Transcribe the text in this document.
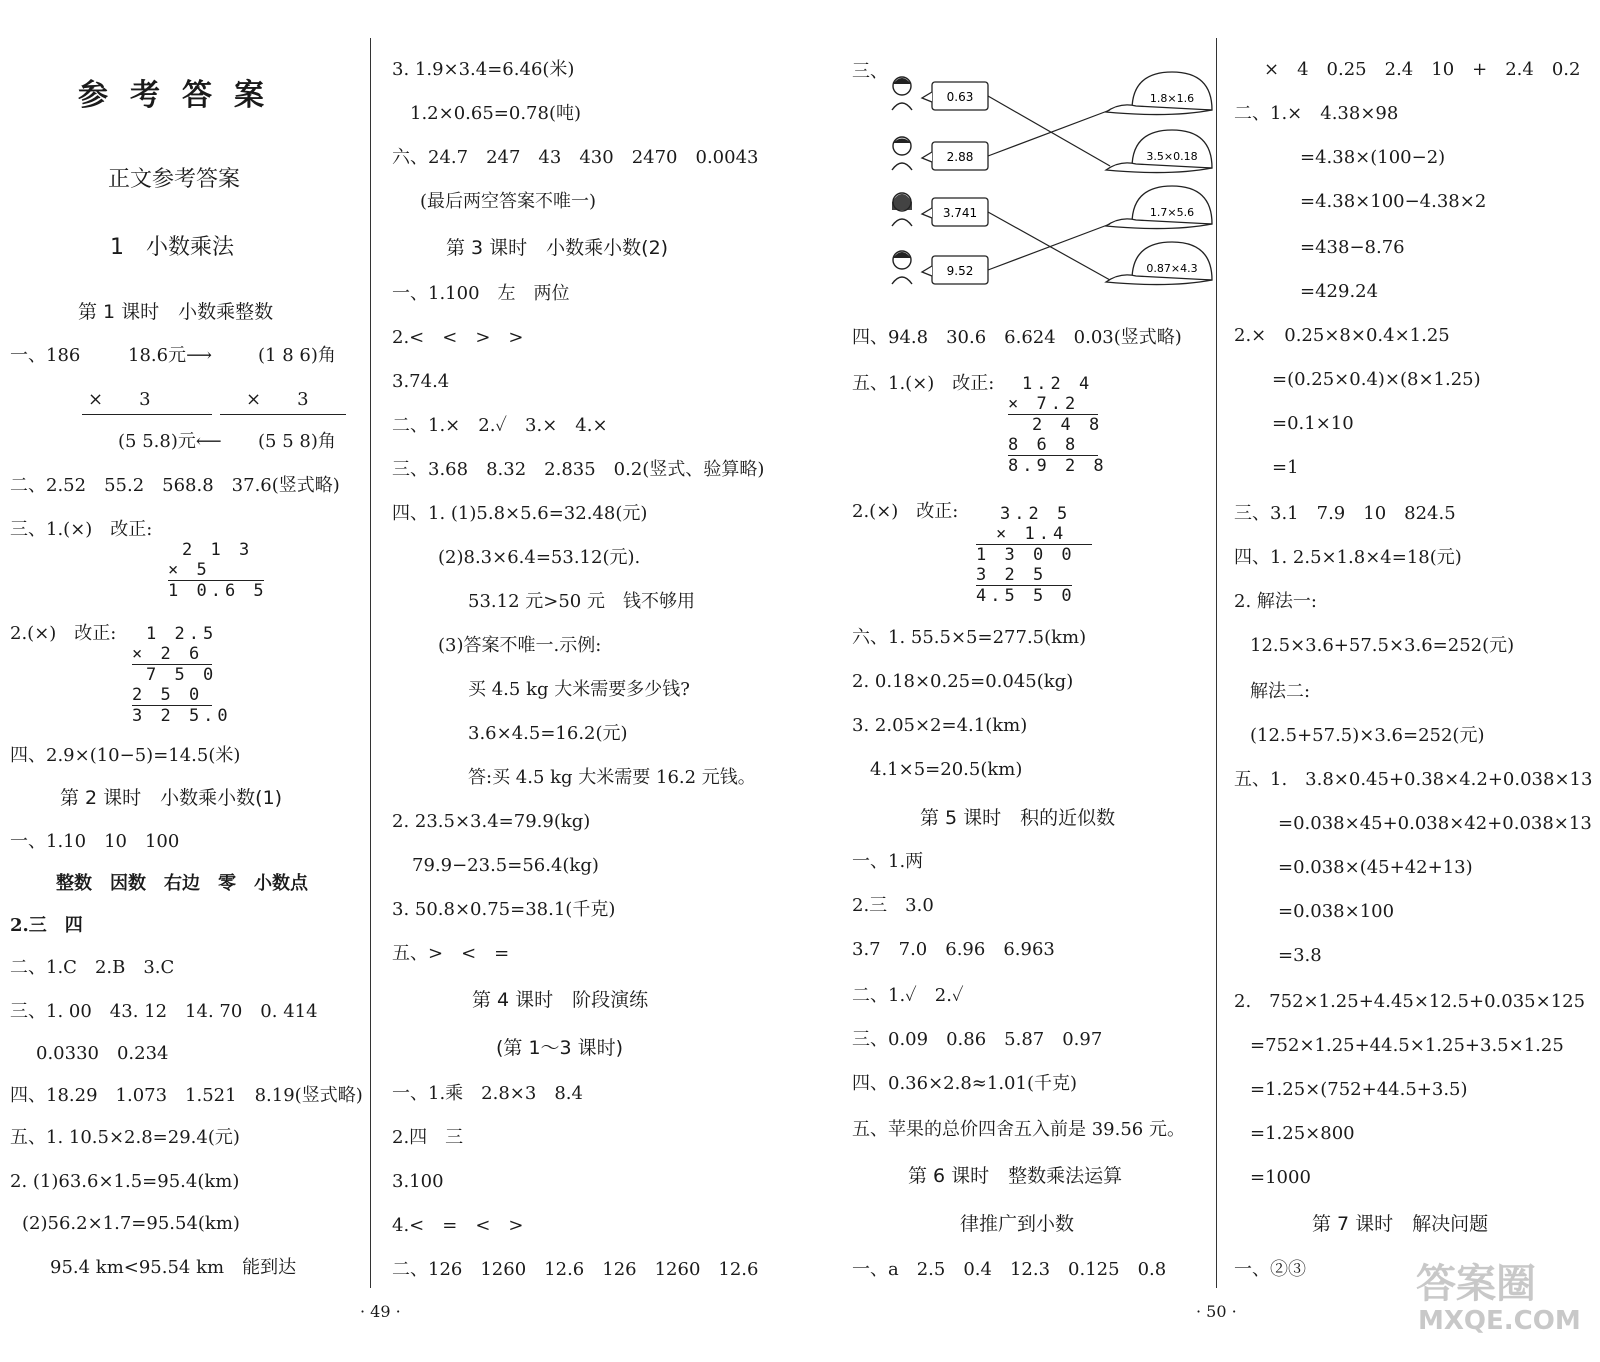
参考答案
正文参考答案
1　小数乘法
第 1 课时　小数乘整数
一、186	18.6元⟶	(1 8 6)角
×　　3	×　　3
(5 5.8)元⟵ (5 5 8)角
二、2.52　55.2　568.8　37.6(竖式略)
三、1.(×)　改正:
2 1 3
× 5
1 0.6 5
2.(×)　改正:	1 2.5
× 2 6
7 5 0
2 5 0
3 2 5.0
四、2.9×(10−5)=14.5(米)
第 2 课时　小数乘小数(1)
一、1.10　10　100
整数　因数　右边　零　小数点
2.三　四
二、1.C　2.B　3.C
三、1. 00　43. 12　14. 70　0. 414
0.0330　0.234
四、18.29　1.073　1.521　8.19(竖式略)
五、1. 10.5×2.8=29.4(元)
2. (1)63.6×1.5=95.4(km)
(2)56.2×1.7=95.54(km)
95.4 km<95.54 km　能到达
3. 1.9×3.4=6.46(米)
1.2×0.65=0.78(吨)
六、24.7　247　43　430　2470　0.0043
(最后两空答案不唯一)
第 3 课时　小数乘小数(2)
一、1.100　左　两位
2.<　<　>　>
3.74.4
二、1.×　2.✓　3.×　4.×
三、3.68　8.32　2.835　0.2(竖式、验算略)
四、1. (1)5.8×5.6=32.48(元)
(2)8.3×6.4=53.12(元).
53.12 元>50 元　钱不够用
(3)答案不唯一.示例:
买 4.5 kg 大米需要多少钱?
3.6×4.5=16.2(元)
答:买 4.5 kg 大米需要 16.2 元钱。
2. 23.5×3.4=79.9(kg)
79.9−23.5=56.4(kg)
3. 50.8×0.75=38.1(千克)
五、>　<　=
第 4 课时　阶段演练
(第 1～3 课时)
一、1.乘　2.8×3　8.4
2.四　三
3.100
4.<　=　<　>
二、126　1260　12.6　126　1260　12.6
· 49 ·
三、
0.63
2.88
3.741
9.52
1.8×1.6
3.5×0.18
1.7×5.6
0.87×4.3
四、94.8　30.6　6.624　0.03(竖式略)
五、1.(×)　改正:	1.2 4
× 7.2
2 4 8
8 6 8
8.9 2 8
2.(×)　改正:	3.2 5
× 1.4
1 3 0 0
3 2 5
4.5 5 0
六、1. 55.5×5=277.5(km)
2. 0.18×0.25=0.045(kg)
3. 2.05×2=4.1(km)
4.1×5=20.5(km)
第 5 课时　积的近似数
一、1.两
2.三　3.0
3.7　7.0　6.96　6.963
二、1.✓　2.✓
三、0.09　0.86　5.87　0.97
四、0.36×2.8≈1.01(千克)
五、苹果的总价四舍五入前是 39.56 元。
第 6 课时　整数乘法运算
律推广到小数
一、a　2.5　0.4　12.3　0.125　0.8
×　4　0.25　2.4　10　+　2.4　0.2
二、1.×　4.38×98
=4.38×(100−2)
=4.38×100−4.38×2
=438−8.76
=429.24
2.×　0.25×8×0.4×1.25
=(0.25×0.4)×(8×1.25)
=0.1×10
=1
三、3.1　7.9　10　824.5
四、1. 2.5×1.8×4=18(元)
2. 解法一:
12.5×3.6+57.5×3.6=252(元)
解法二:
(12.5+57.5)×3.6=252(元)
五、1.　3.8×0.45+0.38×4.2+0.038×13
=0.038×45+0.038×42+0.038×13
=0.038×(45+42+13)
=0.038×100
=3.8
2.　752×1.25+4.45×12.5+0.035×125
=752×1.25+44.5×1.25+3.5×1.25
=1.25×(752+44.5+3.5)
=1.25×800
=1000
第 7 课时　解决问题
一、②③
· 50 ·
答案圈
MXQE.COM
